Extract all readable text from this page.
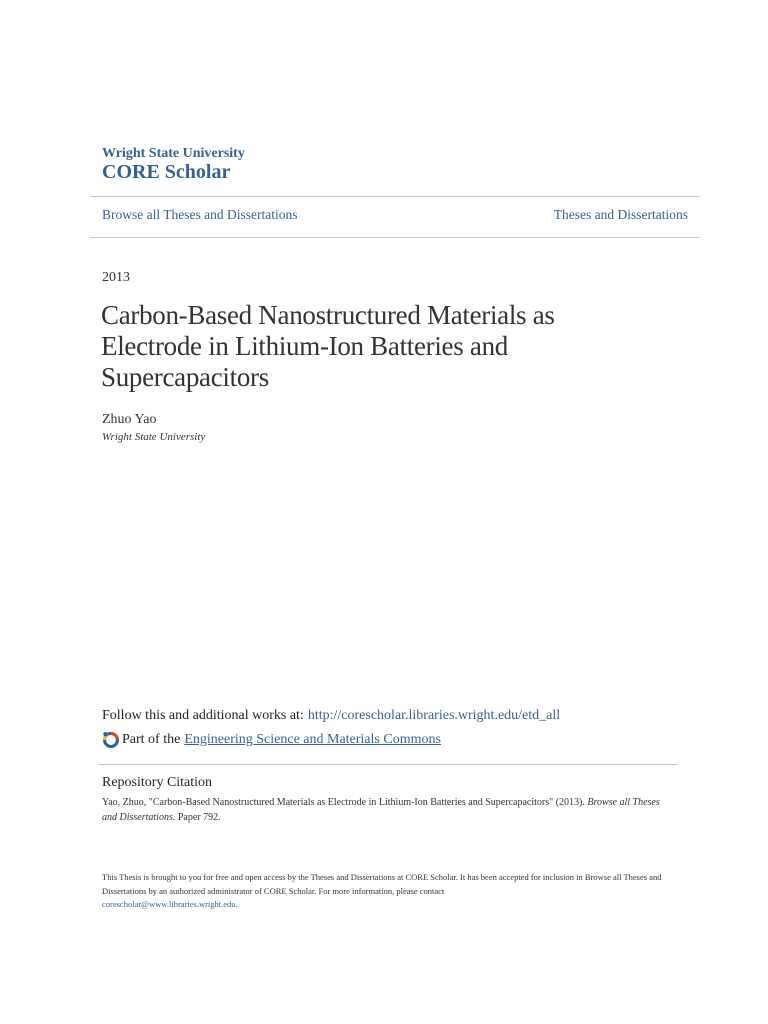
Wright State University
CORE Scholar
Browse all Theses and Dissertations	Theses and Dissertations
2013
Carbon-Based Nanostructured Materials as
Electrode in Lithium-Ion Batteries and
Supercapacitors
Zhuo Yao
Wright State University
Follow this and additional works at: http://corescholar.libraries.wright.edu/etd_all
Part of the Engineering Science and Materials Commons
Repository Citation
Yao, Zhuo, "Carbon-Based Nanostructured Materials as Electrode in Lithium-Ion Batteries and Supercapacitors" (2013). Browse all Theses and Dissertations. Paper 792.
This Thesis is brought to you for free and open access by the Theses and Dissertations at CORE Scholar. It has been accepted for inclusion in Browse all Theses and Dissertations by an authorized administrator of CORE Scholar. For more information, please contact
corescholar@www.libraries.wright.edu.
